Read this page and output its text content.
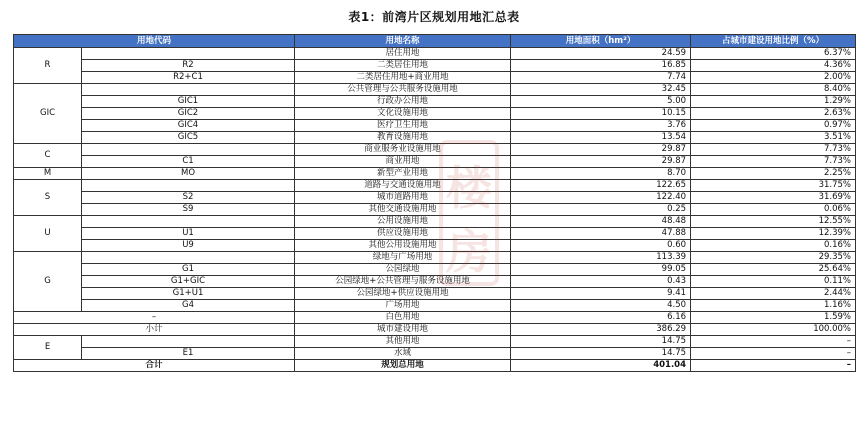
表1：前湾片区规划用地汇总表
用地代码		用地名称	用地面积（hm²）	占城市建设用地比例（%）
R		居住用地	24.59	6.37%
	R2	二类居住用地	16.85	4.36%
	R2+C1	二类居住用地+商业用地	7.74	2.00%
GIC		公共管理与公共服务设施用地	32.45	8.40%
	GIC1	行政办公用地	5.00	1.29%
	GIC2	文化设施用地	10.15	2.63%
	GIC4	医疗卫生用地	3.76	0.97%
	GIC5	教育设施用地	13.54	3.51%
C		商业服务业设施用地	29.87	7.73%
	C1	商业用地	29.87	7.73%
M	MO	新型产业用地	8.70	2.25%
S		道路与交通设施用地	122.65	31.75%
	S2	城市道路用地	122.40	31.69%
	S9	其他交通设施用地	0.25	0.06%
U		公用设施用地	48.48	12.55%
	U1	供应设施用地	47.88	12.39%
	U9	其他公用设施用地	0.60	0.16%
G		绿地与广场用地	113.39	29.35%
	G1	公园绿地	99.05	25.64%
	G1+GIC	公园绿地+公共管理与服务设施用地	0.43	0.11%
	G1+U1	公园绿地+供应设施用地	9.41	2.44%
	G4	广场用地	4.50	1.16%
–		白色用地	6.16	1.59%
小计		城市建设用地	386.29	100.00%
E		其他用地	14.75	–
	E1	水域	14.75	–
合计		规划总用地	401.04	–
楼
房
